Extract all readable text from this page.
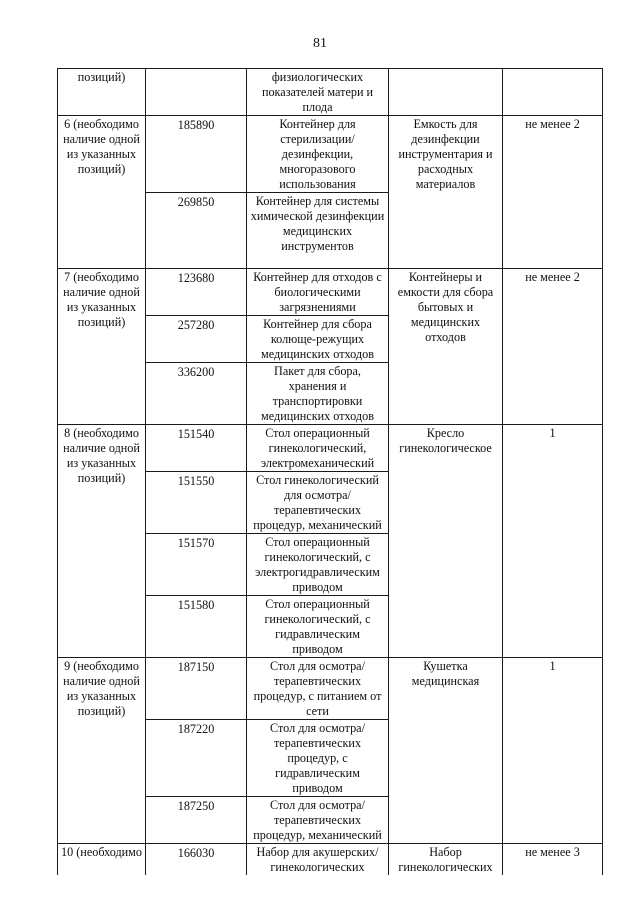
81
позиций)		физиологических показателей матери и плода		
6 (необходимо наличие одной из указанных позиций)	185890	Контейнер для стерилизации/ дезинфекции, многоразового использования	Емкость для дезинфекции инструментария и расходных материалов	не менее 2
	269850	Контейнер для системы химической дезинфекции медицинских инструментов		
7 (необходимо наличие одной из указанных позиций)	123680	Контейнер для отходов с биологическими загрязнениями	Контейнеры и емкости для сбора бытовых и медицинских отходов	не менее 2
	257280	Контейнер для сбора колюще-режущих медицинских отходов		
	336200	Пакет для сбора, хранения и транспортировки медицинских отходов		
8 (необходимо наличие одной из указанных позиций)	151540	Стол операционный гинекологический, электромеханический	Кресло гинекологическое	1
	151550	Стол гинекологический для осмотра/ терапевтических процедур, механический		
	151570	Стол операционный гинекологический, с электрогидравлическим приводом		
	151580	Стол операционный гинекологический, с гидравлическим приводом		
9 (необходимо наличие одной из указанных позиций)	187150	Стол для осмотра/ терапевтических процедур, с питанием от сети	Кушетка медицинская	1
	187220	Стол для осмотра/ терапевтических процедур, с гидравлическим приводом		
	187250	Стол для осмотра/ терапевтических процедур, механический		
10 (необходимо	166030	Набор для акушерских/ гинекологических	Набор гинекологических	не менее 3
